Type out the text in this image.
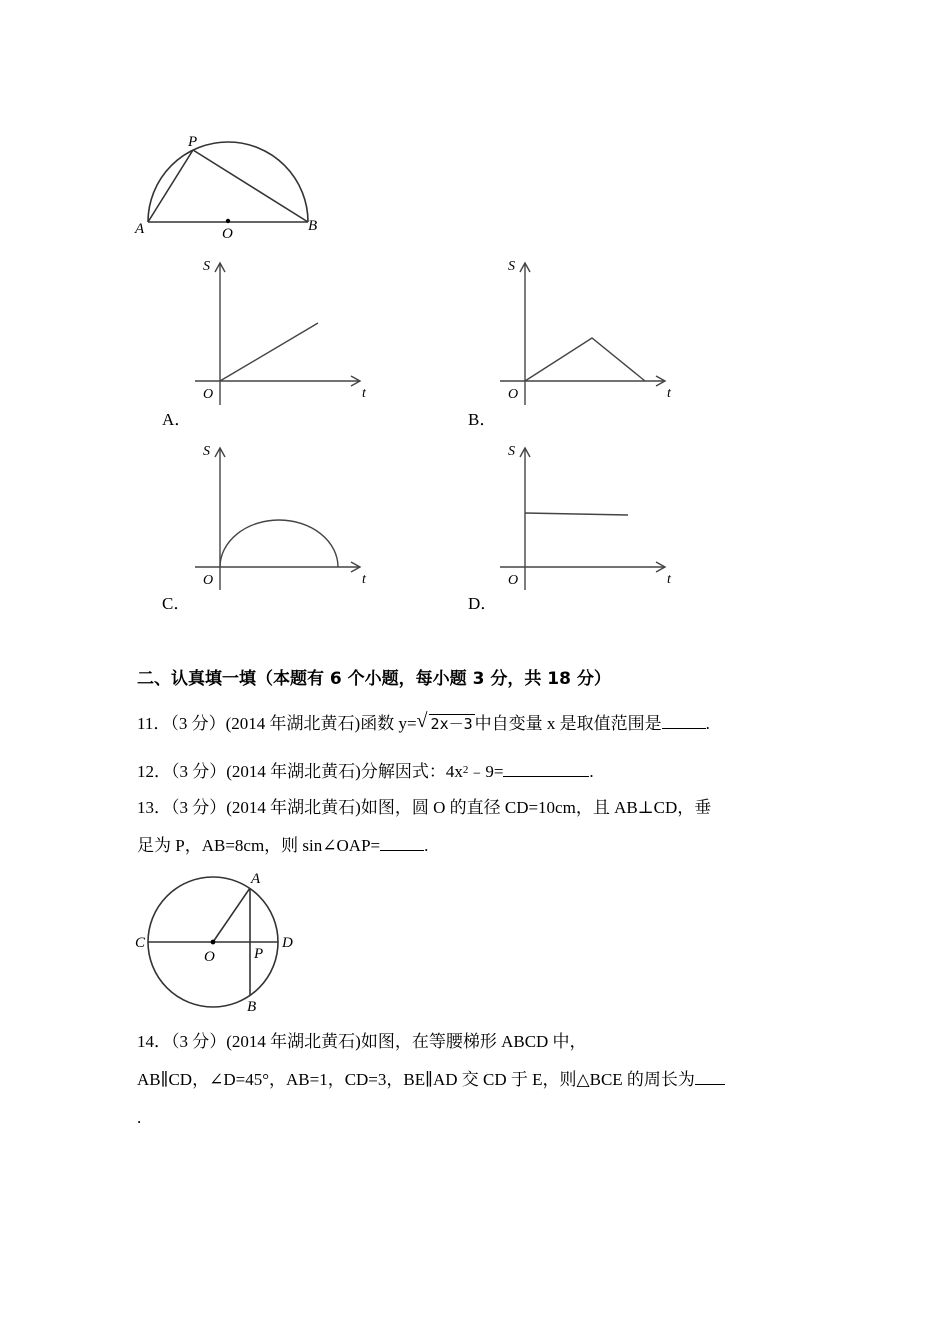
P
A	O	B
S
t
O
A．
S
t
O
B．
S
t
O
C．
S
t
O
D．
二、认真填一填（本题有 6 个小题，每小题 3 分，共 18 分）
11．（3 分）(2014 年湖北黄石)函数 y= √ 2x－3 中自变量 x 是取值范围是	.
12．（3 分）(2014 年湖北黄石)分解因式：$4x^2﹣9=$	.
13．（3 分）(2014 年湖北黄石)如图，圆 O 的直径 CD=10cm，且 AB⊥CD，垂
足为 P，AB=8cm，则 sin∠OAP=	.
A
C	D
O	P
B
14．（3 分）(2014 年湖北黄石)如图，在等腰梯形 ABCD 中，
AB∥CD，∠D=45°，AB=1，CD=3，BE∥AD 交 CD 于 E，则△BCE 的周长为
.
